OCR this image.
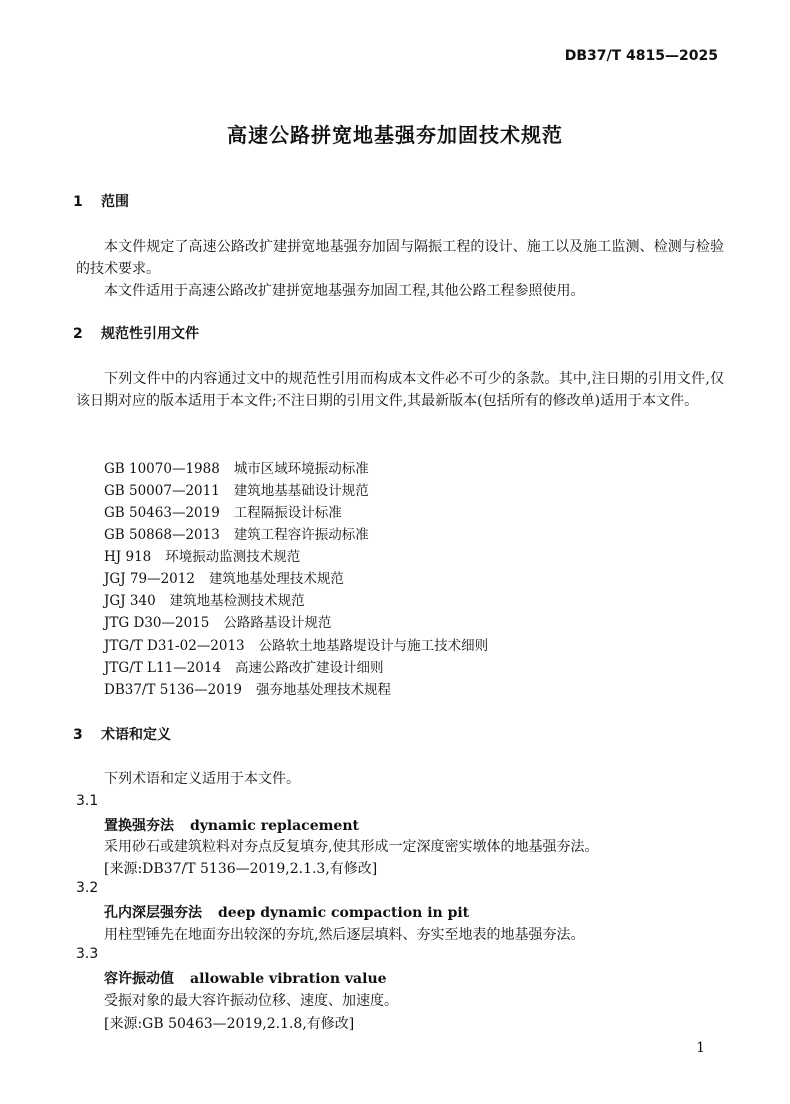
DB37/T 4815—2025
高速公路拼宽地基强夯加固技术规范
1 范围
本文件规定了高速公路改扩建拼宽地基强夯加固与隔振工程的设计、施工以及施工监测、检测与检验的技术要求。
本文件适用于高速公路改扩建拼宽地基强夯加固工程,其他公路工程参照使用。
2 规范性引用文件
下列文件中的内容通过文中的规范性引用而构成本文件必不可少的条款。其中,注日期的引用文件,仅该日期对应的版本适用于本文件;不注日期的引用文件,其最新版本(包括所有的修改单)适用于本文件。
GB 10070—1988 城市区域环境振动标准
GB 50007—2011 建筑地基基础设计规范
GB 50463—2019 工程隔振设计标准
GB 50868—2013 建筑工程容许振动标准
HJ 918 环境振动监测技术规范
JGJ 79—2012 建筑地基处理技术规范
JGJ 340 建筑地基检测技术规范
JTG D30—2015 公路路基设计规范
JTG/T D31-02—2013 公路软土地基路堤设计与施工技术细则
JTG/T L11—2014 高速公路改扩建设计细则
DB37/T 5136—2019 强夯地基处理技术规程
3 术语和定义
下列术语和定义适用于本文件。
3.1
置换强夯法 dynamic replacement
采用砂石或建筑粒料对夯点反复填夯,使其形成一定深度密实墩体的地基强夯法。
[来源:DB37/T 5136—2019,2.1.3,有修改]
3.2
孔内深层强夯法 deep dynamic compaction in pit
用柱型锤先在地面夯出较深的夯坑,然后逐层填料、夯实至地表的地基强夯法。
3.3
容许振动值 allowable vibration value
受振对象的最大容许振动位移、速度、加速度。
[来源:GB 50463—2019,2.1.8,有修改]
1
